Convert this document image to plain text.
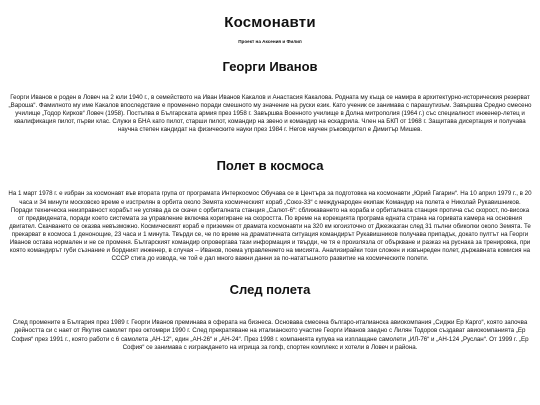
Космонавти
Проект на Аксения и Филип
Георги Иванов

Георги Иванов е роден в Ловеч на 2 юли 1940 г., в семейството на Иван Иванов Какалов и Анастасия Какалова. Родната му къща се намира в архитектурно-историческия резерват „Вароша“. Фамилното му име Какалов впоследствие е променено поради смешното му значение на руски език. Като ученик се занимава с парашутизъм. Завършва Средно смесено училище „Тодор Кирков“ Ловеч (1958). Постъпва в Българската армия през 1958 г. Завършва Военното училище в Долна митрополия (1964 г.) със специалност инженер-летец и квалификация пилот, първи клас. Служи в БНА като пилот, старши пилот, командир на звено и командир на ескадрила. Член на БКП от 1968 г. Защитава дисертация и получава научна степен кандидат на физическите науки през 1984 г. Негов научен ръководител е Димитър Мишев.

Полет в космоса

На 1 март 1978 г. е избран за космонавт във втората група от програмата Интеркосмос Обучава се в Центъра за подготовка на космонавти „Юрий Гагарин“. На 10 април 1979 г., в 20 часа и 34 минути московско време е изстрелян в орбита около Земята космическият кораб „Союз-33“ с международен екипаж Командир на полета е Николай Рукавишников. Поради техническа неизправност корабът не успява да се скачи с орбиталната станция „Салют-6“: сближаването на кораба и орбиталната станция протича със скорост, по-висока от предвидената, поради което системата за управление включва коригиране на скоростта. По време на корекцията програма едната страна на горивата камера на основния двигател. Скачването се оказва невъзможно. Космическият кораб е приземен от двамата космонавти на 320 км югоизточно от Джезказган след 31 пълни обиколки около Земята. Те прекарват в космоса 1 денонощие, 23 часа и 1 минута. Твърди се, че по време на драматичната ситуация командирът Рукавишников получава припадък, докато пултът на Георги Иванов остава нормален и не се променя. Българският командир опровергава тази информация и твърди, че тя е произлязла от объркване и разказ на руснака за тренировка, при която командирът губи съзнание и бордният инженер, в случая – Иванов, поема управлението на мисията. Анализирайки този сложен и извънреден полет, държавната комисия на СССР стига до извода, че той е дал много важни данни за по-нататъшното развитие на космическите полети.

След полета

След промените в България през 1989 г. Георги Иванов преминава в сферата на бизнеса. Основава смесена българо-италианска авиокомпания „Сиджи Ер Карго“, която започва дейността си с нает от Якутия самолет през октомври 1990 г. След прекратяване на италианското участие Георги Иванов заедно с Лилян Тодоров създават авиокомпанията „Ер София“ през 1991 г., която работи с 6 самолета „АН-12“, един „АН-26“ и „АН-24“. През 1998 г. компанията купува на изплащане самолети „ИЛ-76“ и „АН-124 „Руслан“. От 1999 г. „Ер София“ се занимава с изграждането на игрища за голф, спортен комплекс и хотели в Ловеч и района.
